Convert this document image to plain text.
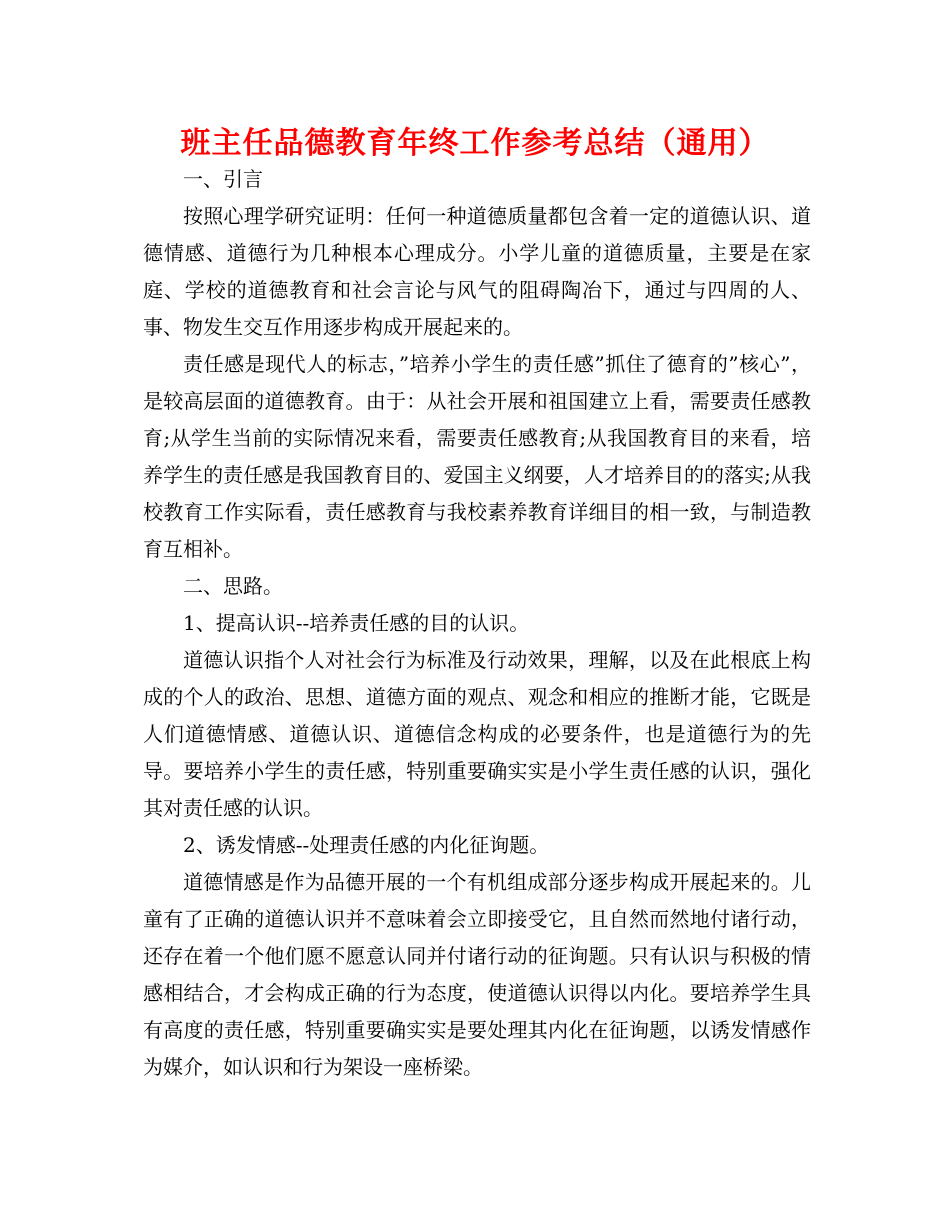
班主任品德教育年终工作参考总结（通用）

一、引言

按照心理学研究证明：任何一种道德质量都包含着一定的道德认识、道德情感、道德行为几种根本心理成分。小学儿童的道德质量，主要是在家庭、学校的道德教育和社会言论与风气的阻碍陶冶下，通过与四周的人、事、物发生交互作用逐步构成开展起来的。

责任感是现代人的标志，”培养小学生的责任感”抓住了德育的”核心”，是较高层面的道德教育。由于：从社会开展和祖国建立上看，需要责任感教育;从学生当前的实际情况来看，需要责任感教育;从我国教育目的来看，培养学生的责任感是我国教育目的、爱国主义纲要，人才培养目的的落实;从我校教育工作实际看，责任感教育与我校素养教育详细目的相一致，与制造教育互相补。

二、思路。

1、提高认识--培养责任感的目的认识。

道德认识指个人对社会行为标准及行动效果，理解，以及在此根底上构成的个人的政治、思想、道德方面的观点、观念和相应的推断才能，它既是人们道德情感、道德认识、道德信念构成的必要条件，也是道德行为的先导。要培养小学生的责任感，特别重要确实实是小学生责任感的认识，强化其对责任感的认识。

2、诱发情感--处理责任感的内化征询题。

道德情感是作为品德开展的一个有机组成部分逐步构成开展起来的。儿童有了正确的道德认识并不意味着会立即接受它，且自然而然地付诸行动，还存在着一个他们愿不愿意认同并付诸行动的征询题。只有认识与积极的情感相结合，才会构成正确的行为态度，使道德认识得以内化。要培养学生具有高度的责任感，特别重要确实实是要处理其内化在征询题，以诱发情感作为媒介，如认识和行为架设一座桥梁。
